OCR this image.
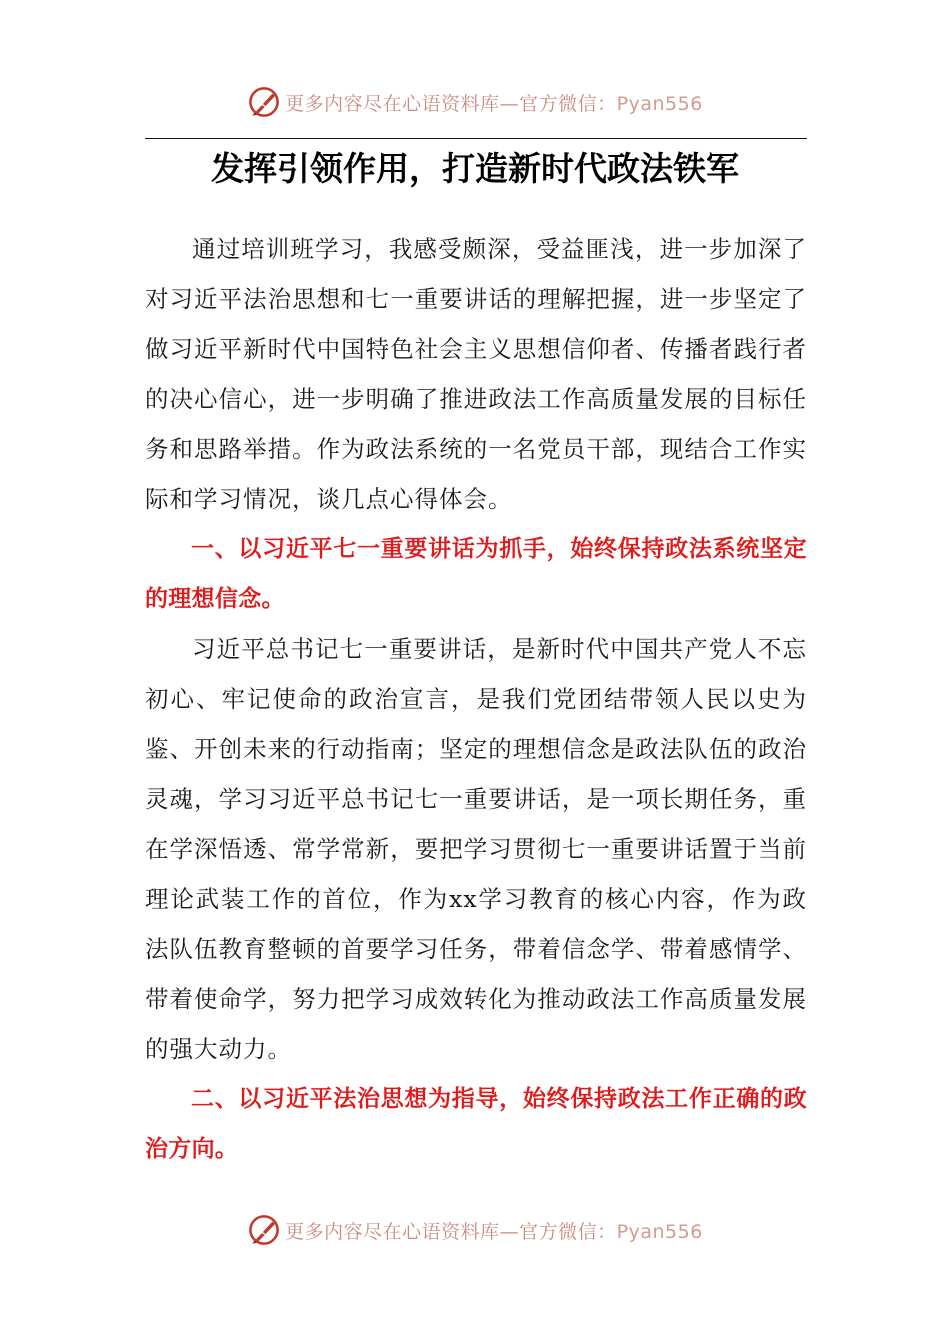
更多内容尽在心语资料库—官方微信：Pyan556
发挥引领作用，打造新时代政法铁军

通过培训班学习，我感受颇深，受益匪浅，进一步加深了对习近平法治思想和七一重要讲话的理解把握，进一步坚定了做习近平新时代中国特色社会主义思想信仰者、传播者践行者的决心信心，进一步明确了推进政法工作高质量发展的目标任务和思路举措。作为政法系统的一名党员干部，现结合工作实际和学习情况，谈几点心得体会。

一、以习近平七一重要讲话为抓手，始终保持政法系统坚定的理想信念。

习近平总书记七一重要讲话，是新时代中国共产党人不忘初心、牢记使命的政治宣言，是我们党团结带领人民以史为鉴、开创未来的行动指南；坚定的理想信念是政法队伍的政治灵魂，学习习近平总书记七一重要讲话，是一项长期任务，重在学深悟透、常学常新，要把学习贯彻七一重要讲话置于当前理论武装工作的首位，作为xx学习教育的核心内容，作为政法队伍教育整顿的首要学习任务，带着信念学、带着感情学、带着使命学，努力把学习成效转化为推动政法工作高质量发展的强大动力。

二、以习近平法治思想为指导，始终保持政法工作正确的政治方向。

更多内容尽在心语资料库—官方微信：Pyan556
